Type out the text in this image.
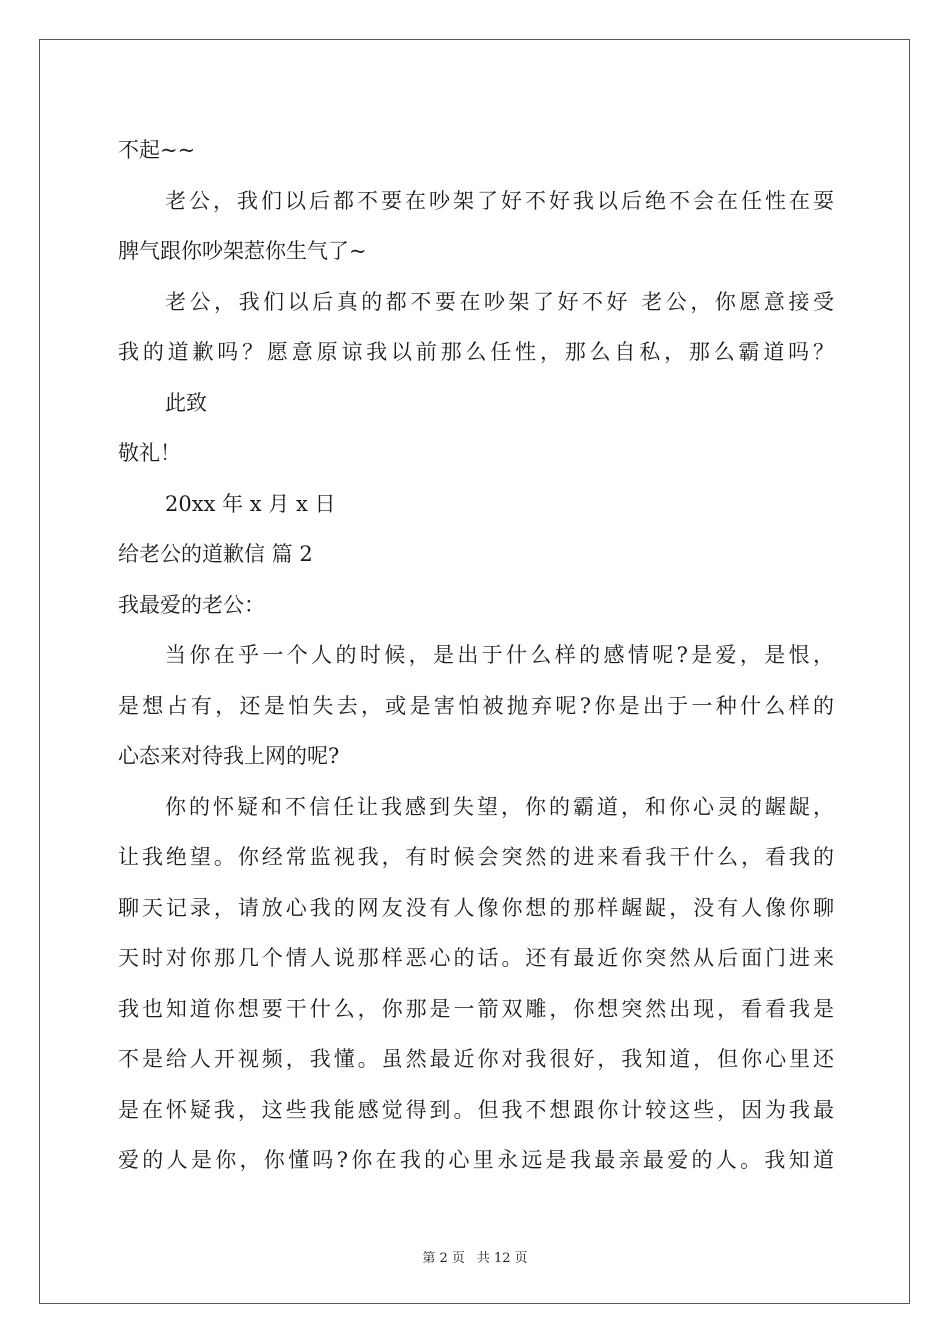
不起~~
老公，我们以后都不要在吵架了好不好我以后绝不会在任性在耍
脾气跟你吵架惹你生气了~
老公，我们以后真的都不要在吵架了好不好 老公，你愿意接受
我的道歉吗？愿意原谅我以前那么任性，那么自私，那么霸道吗？
此致
敬礼！
20xx 年 x 月 x 日
给老公的道歉信 篇 2
我最爱的老公：
当你在乎一个人的时候，是出于什么样的感情呢?是爱，是恨，
是想占有，还是怕失去，或是害怕被抛弃呢?你是出于一种什么样的
心态来对待我上网的呢?
你的怀疑和不信任让我感到失望，你的霸道，和你心灵的龌龊，
让我绝望。你经常监视我，有时候会突然的进来看我干什么，看我的
聊天记录，请放心我的网友没有人像你想的那样龌龊，没有人像你聊
天时对你那几个情人说那样恶心的话。还有最近你突然从后面门进来
我也知道你想要干什么，你那是一箭双雕，你想突然出现，看看我是
不是给人开视频，我懂。虽然最近你对我很好，我知道，但你心里还
是在怀疑我，这些我能感觉得到。但我不想跟你计较这些，因为我最
爱的人是你，你懂吗?你在我的心里永远是我最亲最爱的人。我知道
第 2 页 共 12 页
